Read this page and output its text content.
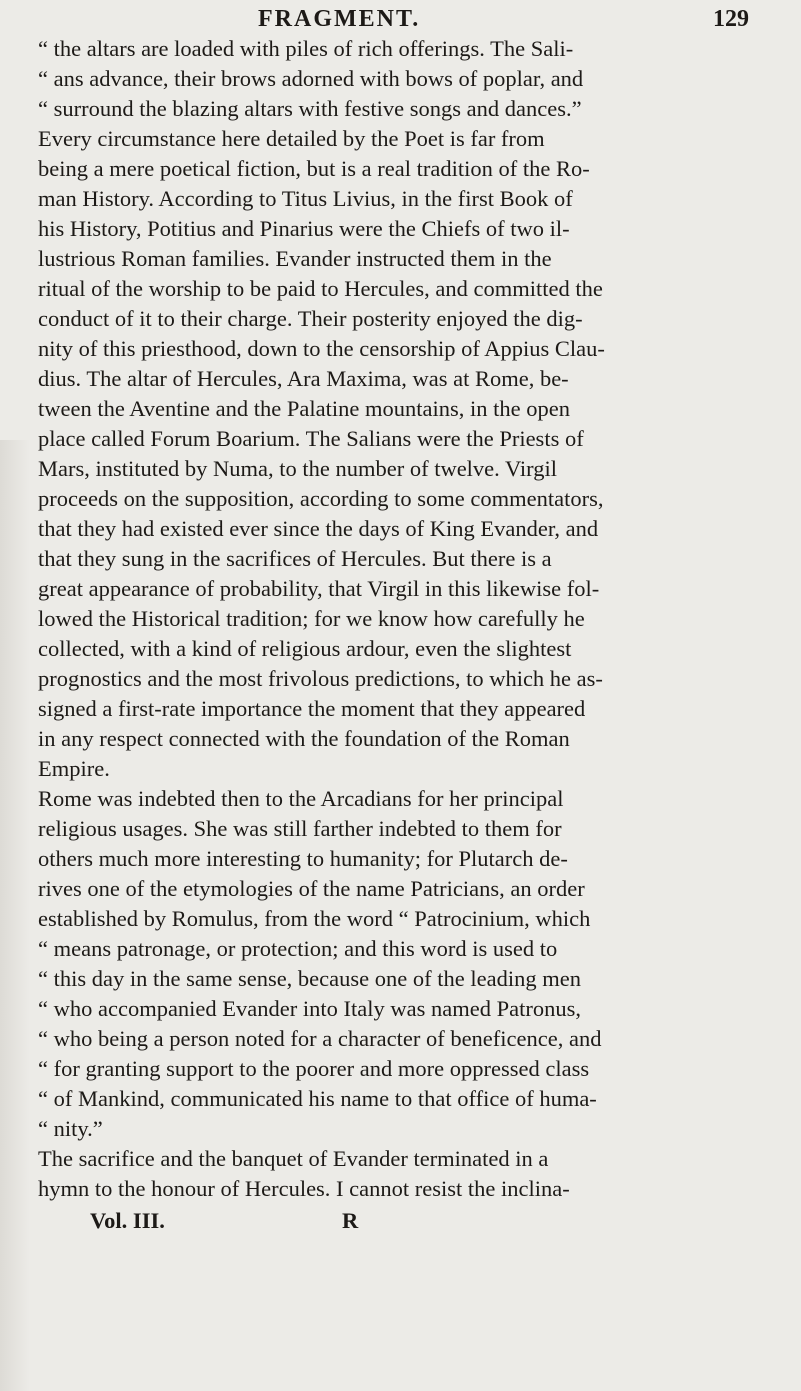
FRAGMENT.	129
“ the altars are loaded with piles of rich offerings. The Sali-
“ ans advance, their brows adorned with bows of poplar, and
“ surround the blazing altars with festive songs and dances.”
Every circumstance here detailed by the Poet is far from
being a mere poetical fiction, but is a real tradition of the Ro-
man History. According to Titus Livius, in the first Book of
his History, Potitius and Pinarius were the Chiefs of two il-
lustrious Roman families. Evander instructed them in the
ritual of the worship to be paid to Hercules, and committed the
conduct of it to their charge. Their posterity enjoyed the dig-
nity of this priesthood, down to the censorship of Appius Clau-
dius. The altar of Hercules, Ara Maxima, was at Rome, be-
tween the Aventine and the Palatine mountains, in the open
place called Forum Boarium. The Salians were the Priests of
Mars, instituted by Numa, to the number of twelve. Virgil
proceeds on the supposition, according to some commentators,
that they had existed ever since the days of King Evander, and
that they sung in the sacrifices of Hercules. But there is a
great appearance of probability, that Virgil in this likewise fol-
lowed the Historical tradition; for we know how carefully he
collected, with a kind of religious ardour, even the slightest
prognostics and the most frivolous predictions, to which he as-
signed a first-rate importance the moment that they appeared
in any respect connected with the foundation of the Roman
Empire.
Rome was indebted then to the Arcadians for her principal
religious usages. She was still farther indebted to them for
others much more interesting to humanity; for Plutarch de-
rives one of the etymologies of the name Patricians, an order
established by Romulus, from the word “ Patrocinium, which
“ means patronage, or protection; and this word is used to
“ this day in the same sense, because one of the leading men
“ who accompanied Evander into Italy was named Patronus,
“ who being a person noted for a character of beneficence, and
“ for granting support to the poorer and more oppressed class
“ of Mankind, communicated his name to that office of huma-
“ nity.”
The sacrifice and the banquet of Evander terminated in a
hymn to the honour of Hercules. I cannot resist the inclina-
Vol. III.	R
